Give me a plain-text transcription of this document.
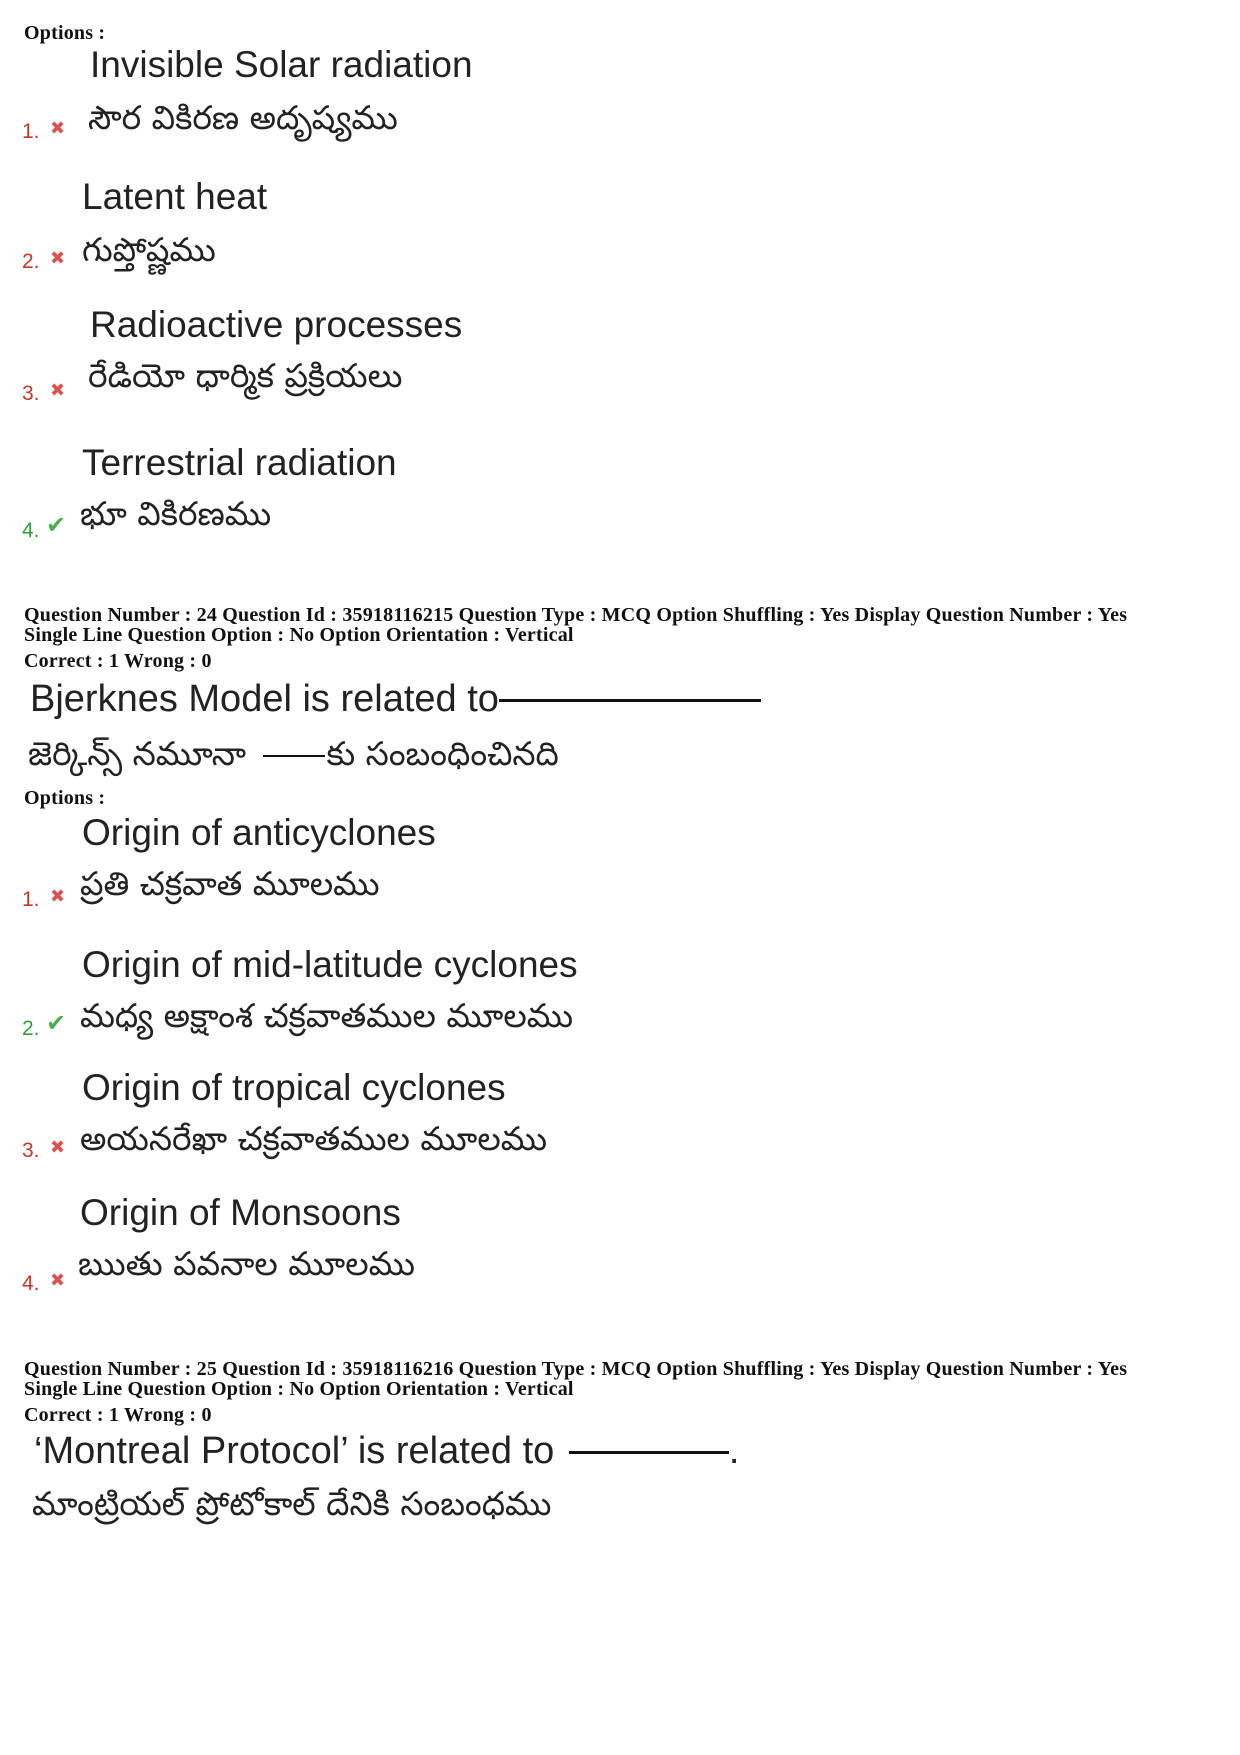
Options :
Invisible Solar radiation
సౌర వికిరణ అదృష్యము
1. ✖
Latent heat
గుప్తోష్ణము
2. ✖
Radioactive processes
రేడియో ధార్మిక ప్రక్రియలు
3. ✖
Terrestrial radiation
భూ వికిరణము
4. ✔
Question Number : 24 Question Id : 35918116215 Question Type : MCQ Option Shuffling : Yes Display Question Number : Yes
Single Line Question Option : No Option Orientation : Vertical
Correct : 1 Wrong : 0
Bjerknes Model is related to
జెర్కిన్స్ నమూనా కు సంబంధించినది
Options :
Origin of anticyclones
ప్రతి చక్రవాత మూలము
1. ✖
Origin of mid-latitude cyclones
మధ్య అక్షాంశ చక్రవాతముల మూలము
2. ✔
Origin of tropical cyclones
అయనరేఖా చక్రవాతముల మూలము
3. ✖
Origin of Monsoons
ఋతు పవనాల మూలము
4. ✖
Question Number : 25 Question Id : 35918116216 Question Type : MCQ Option Shuffling : Yes Display Question Number : Yes
Single Line Question Option : No Option Orientation : Vertical
Correct : 1 Wrong : 0
‘Montreal Protocol’ is related to	.
మాంట్రియల్ ప్రోటోకాల్ దేనికి సంబంధము
